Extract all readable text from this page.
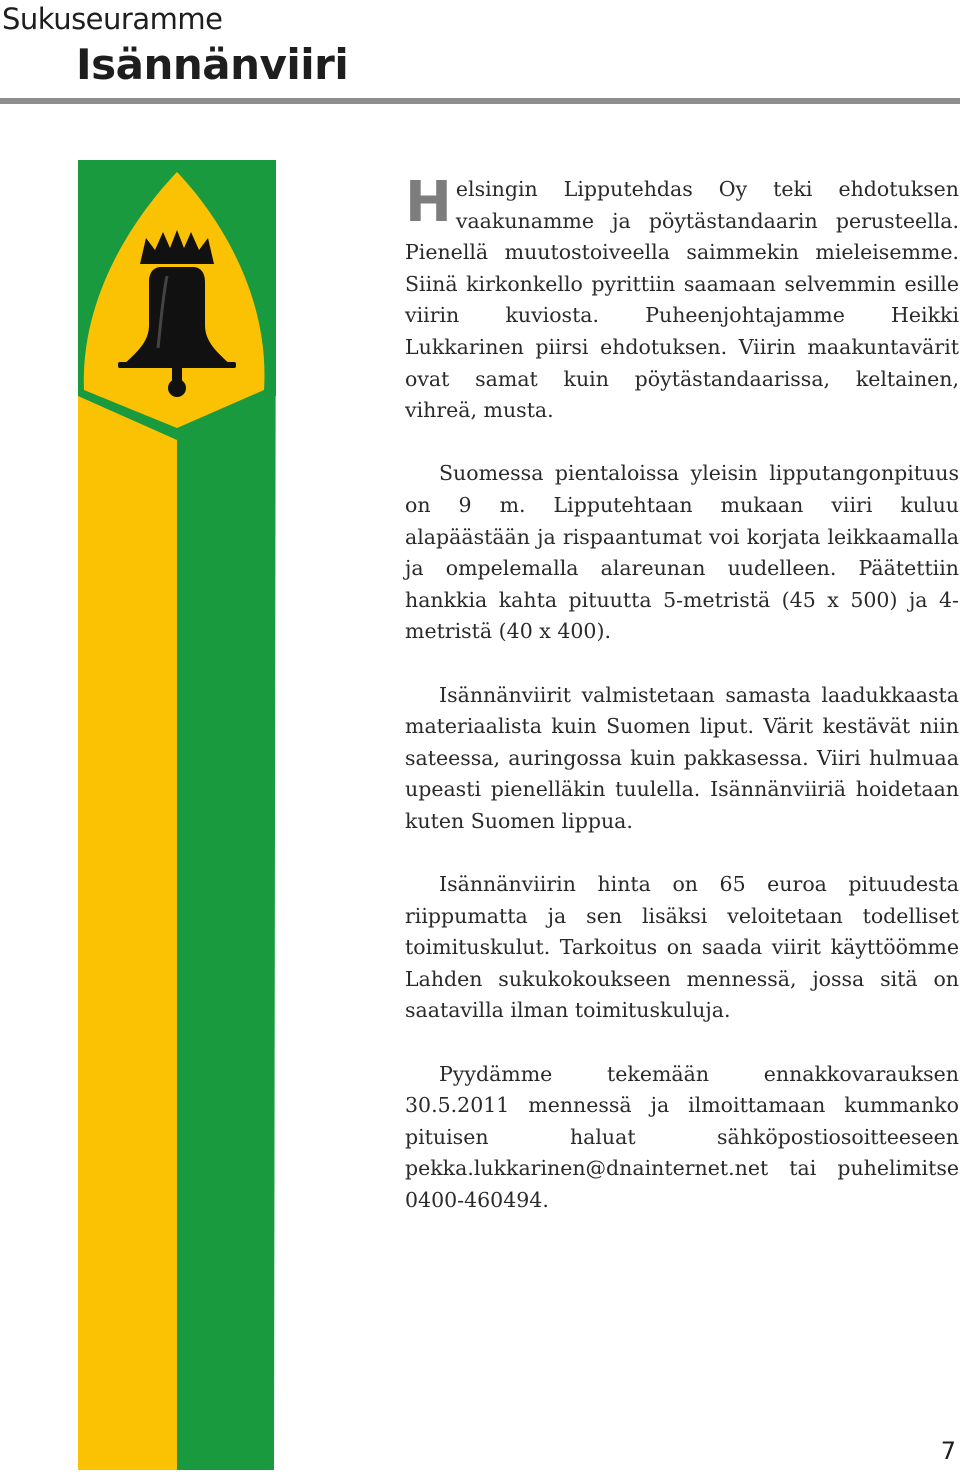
Sukuseuramme
Isännänviiri

Helsingin Lipputehdas Oy teki ehdotuksen vaakunamme ja pöytästandaarin perusteella. Pienellä muutostoiveella saimmekin mieleisemme. Siinä kirkonkello pyrittiin saamaan selvemmin esille viirin kuviosta. Puheenjohtajamme Heikki Lukkarinen piirsi ehdotuksen. Viirin maakuntavärit ovat samat kuin pöytästandaarissa, keltainen, vihreä, musta.

Suomessa pientaloissa yleisin lipputangonpituus on 9 m. Lipputehtaan mukaan viiri kuluu alapäästään ja rispaantumat voi korjata leikkaamalla ja ompelemalla alareunan uudelleen. Päätettiin hankkia kahta pituutta 5-metristä (45 x 500) ja 4-metristä (40 x 400).

Isännänviirit valmistetaan samasta laadukkaasta materiaalista kuin Suomen liput. Värit kestävät niin sateessa, auringossa kuin pakkasessa. Viiri hulmuaa upeasti pienelläkin tuulella. Isännänviiriä hoidetaan kuten Suomen lippua.

Isännänviirin hinta on 65 euroa pituudesta riippumatta ja sen lisäksi veloitetaan todelliset toimituskulut. Tarkoitus on saada viirit käyttöömme Lahden sukukokoukseen mennessä, jossa sitä on saatavilla ilman toimituskuluja.

Pyydämme tekemään ennakkovarauksen 30.5.2011 mennessä ja ilmoittamaan kummanko pituisen haluat sähköpostiosoitteeseen pekka.lukkarinen@dnainternet.net tai puhelimitse 0400-460494.

7
